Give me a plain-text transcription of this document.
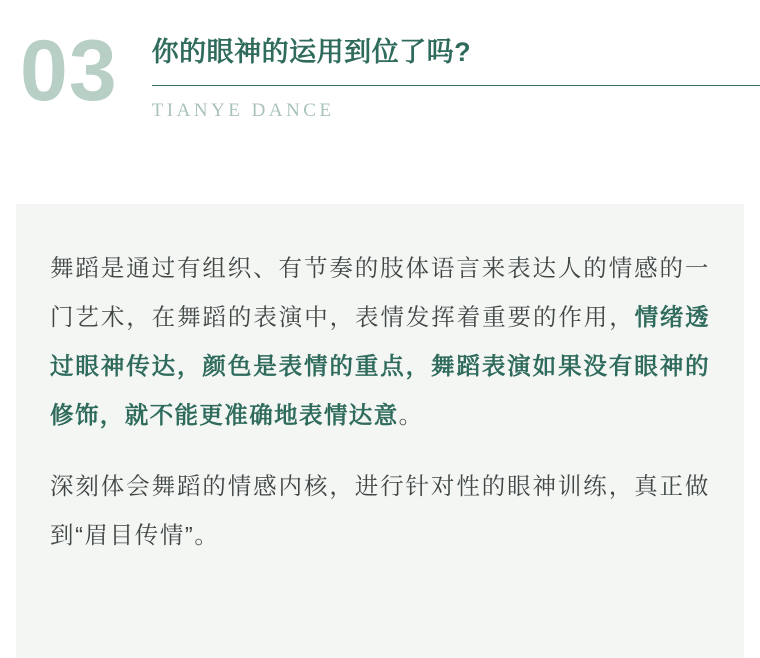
03 你的眼神的运用到位了吗?
TIANYE DANCE

舞蹈是通过有组织、有节奏的肢体语言来表达人的情感的一门艺术，在舞蹈的表演中，表情发挥着重要的作用，情绪透过眼神传达，颜色是表情的重点，舞蹈表演如果没有眼神的修饰，就不能更准确地表情达意。

深刻体会舞蹈的情感内核，进行针对性的眼神训练，真正做到“眉目传情”。
